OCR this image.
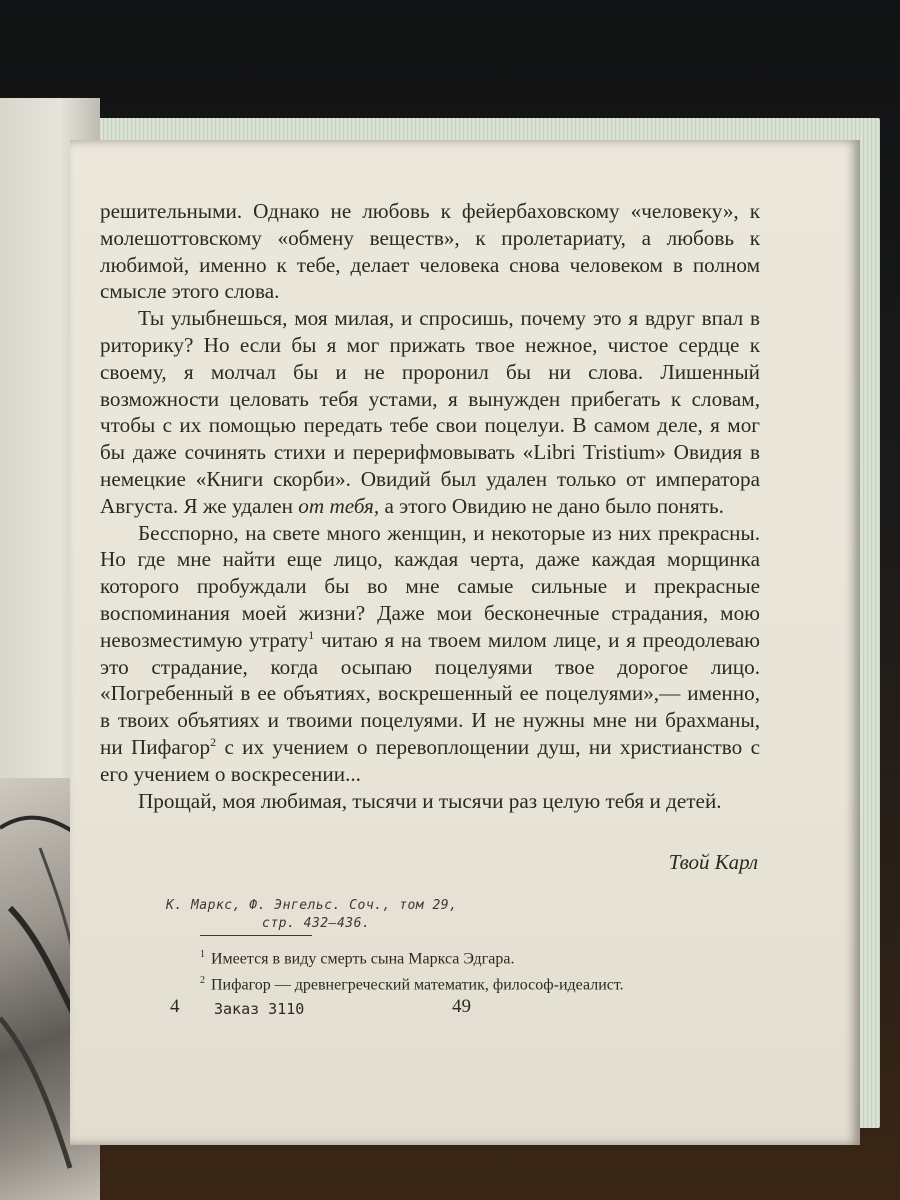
решительными. Однако не любовь к фейербаховскому «человеку», к молешоттовскому «обмену веществ», к пролетариату, а любовь к любимой, именно к тебе, делает человека снова человеком в полном смысле этого слова.

Ты улыбнешься, моя милая, и спросишь, почему это я вдруг впал в риторику? Но если бы я мог прижать твое нежное, чистое сердце к своему, я молчал бы и не проронил бы ни слова. Лишенный возможности целовать тебя устами, я вынужден прибегать к словам, чтобы с их помощью передать тебе свои поцелуи. В самом деле, я мог бы даже сочинять стихи и перерифмовывать «Libri Tristium» Овидия в немецкие «Книги скорби». Овидий был удален только от императора Августа. Я же удален от тебя, а этого Овидию не дано было понять.

Бесспорно, на свете много женщин, и некоторые из них прекрасны. Но где мне найти еще лицо, каждая черта, даже каждая морщинка которого пробуждали бы во мне самые сильные и прекрасные воспоминания моей жизни? Даже мои бесконечные страдания, мою невозместимую утрату$^1$ читаю я на твоем милом лице, и я преодолеваю это страдание, когда осыпаю поцелуями твое дорогое лицо. «Погребенный в ее объятиях, воскрешенный ее поцелуями»,— именно, в твоих объятиях и твоими поцелуями. И не нужны мне ни брахманы, ни Пифагор$^2$ с их учением о перевоплощении душ, ни христианство с его учением о воскресении...

Прощай, моя любимая, тысячи и тысячи раз целую тебя и детей.

Твой Карл
К. Маркс, Ф. Энгельс. Соч., том 29,
стр. 432—436.
$^1$ Имеется в виду смерть сына Маркса Эдгара.
$^2$ Пифагор — древнегреческий математик, философ-идеалист.
4 Заказ 3110	49
